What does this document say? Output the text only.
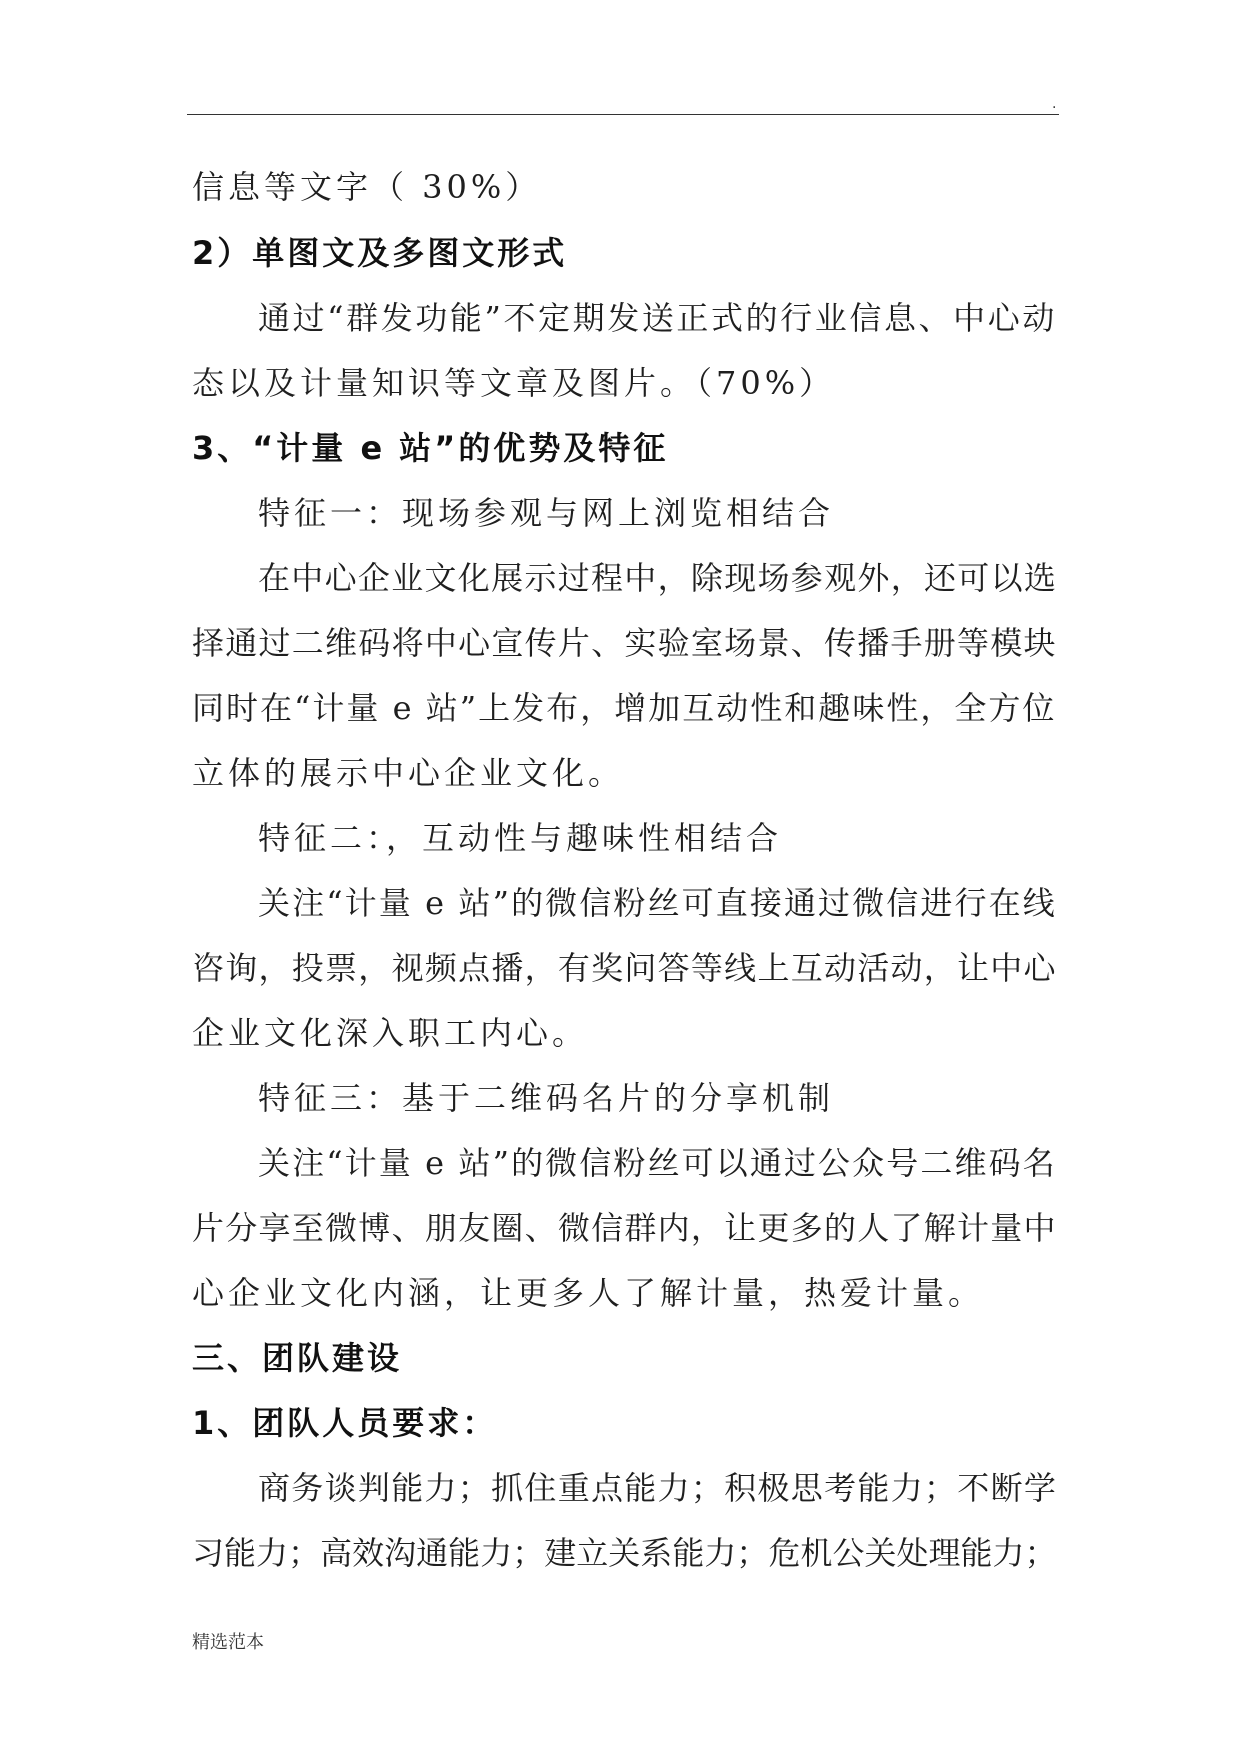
.
信息等文字（ 30%）
2）单图文及多图文形式
通过“群发功能”不定期发送正式的行业信息、中心动
态以及计量知识等文章及图片。（70%）
3、“计量 e 站”的优势及特征
特征一：现场参观与网上浏览相结合
在中心企业文化展示过程中，除现场参观外，还可以选
择通过二维码将中心宣传片、实验室场景、传播手册等模块
同时在“计量 e 站”上发布，增加互动性和趣味性，全方位
立体的展示中心企业文化。
特征二：，互动性与趣味性相结合
关注“计量 e 站”的微信粉丝可直接通过微信进行在线
咨询，投票，视频点播，有奖问答等线上互动活动，让中心
企业文化深入职工内心。
特征三：基于二维码名片的分享机制
关注“计量 e 站”的微信粉丝可以通过公众号二维码名
片分享至微博、朋友圈、微信群内，让更多的人了解计量中
心企业文化内涵，让更多人了解计量，热爱计量。
三、团队建设
1、团队人员要求：
商务谈判能力；抓住重点能力；积极思考能力；不断学
习能力；高效沟通能力；建立关系能力；危机公关处理能力；
精选范本
